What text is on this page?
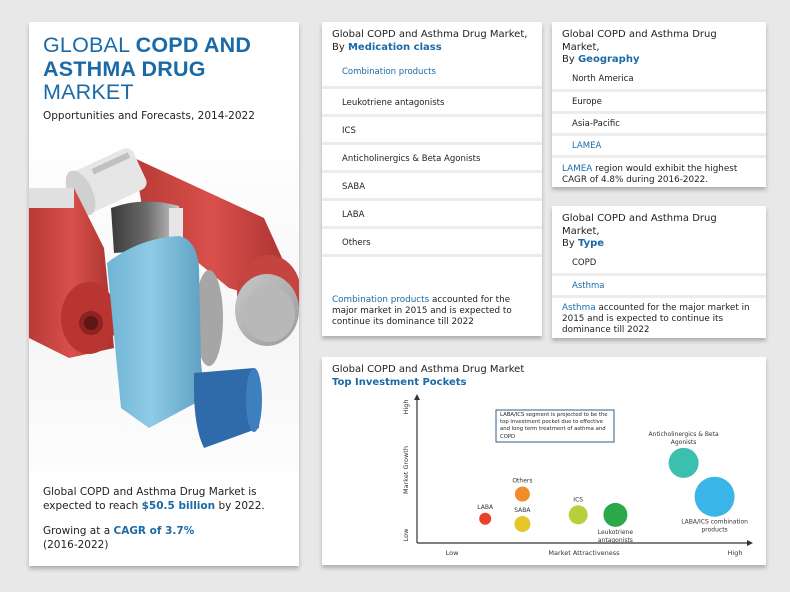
GLOBAL COPD AND
ASTHMA DRUG
MARKET
Opportunities and Forecasts, 2014-2022
Global COPD and Asthma Drug Market is expected to reach $50.5 billion by 2022.
Growing at a CAGR of 3.7%
(2016-2022)
Global COPD and Asthma Drug Market,
By Medication class
Combination products
Leukotriene antagonists
ICS
Anticholinergics & Beta Agonists
SABA
LABA
Others
Combination products accounted for the major market in 2015 and is expected to continue its dominance till 2022
Global COPD and Asthma Drug Market,
By Geography
North America
Europe
Asia-Pacific
LAMEA
LAMEA region would exhibit the highest CAGR of 4.8% during 2016-2022.
Global COPD and Asthma Drug Market,
By Type
COPD
Asthma
Asthma accounted for the major market in 2015 and is expected to continue its dominance till 2022
Global COPD and Asthma Drug Market
Top Investment Pockets
High
Low
Market Growth
Low	Market Attractiveness	High
LABA/ICS segment is projected to be the top investment pocket due to effective and long term treatment of asthma and COPD
LABA
Others
SABA
ICS
Leukotriene antagonists
Anticholinergics & Beta Agonists
LABA/ICS combination products
